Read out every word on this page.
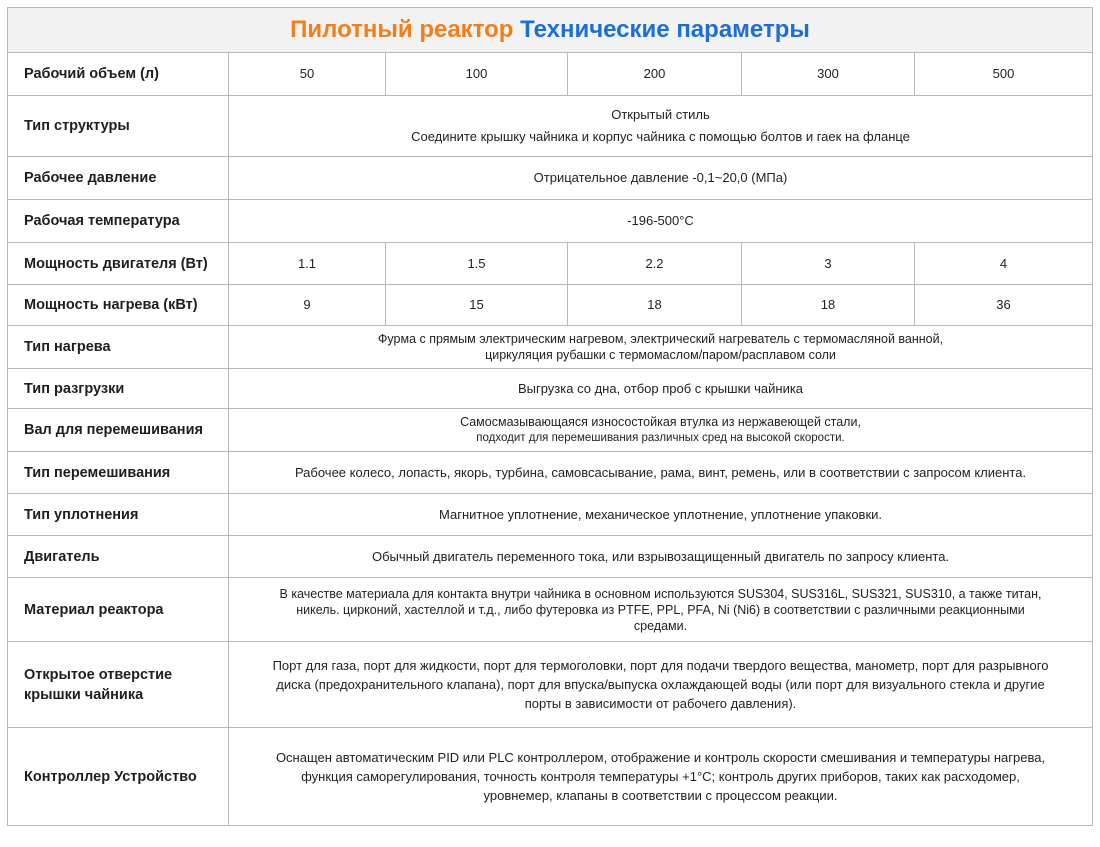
Пилотный реактор Технические параметры					
Рабочий объем (л)	50	100	200	300	500
Тип структуры	Открытый стиль
Соедините крышку чайника и корпус чайника с помощью болтов и гаек на фланце				

Рабочее давление	Отрицательное давление -0,1~20,0 (МПа)				
Рабочая температура	-196-500°C				
Мощность двигателя (Вт)	1.1	1.5	2.2	3	4
Мощность нагрева (кВт)	9	15	18	18	36
Тип нагрева	Фурма с прямым электрическим нагревом, электрический нагреватель с термомасляной ванной,
циркуляция рубашки с термомаслом/паром/расплавом соли				

Тип разгрузки	Выгрузка со дна, отбор проб с крышки чайника				
Вал для перемешивания	Самосмазывающаяся износостойкая втулка из нержавеющей стали,
подходит для перемешивания различных сред на высокой скорости.				

Тип перемешивания	Рабочее колесо, лопасть, якорь, турбина, самовсасывание, рама, винт, ремень, или в соответствии с запросом клиента.				
Тип уплотнения	Магнитное уплотнение, механическое уплотнение, уплотнение упаковки.				
Двигатель	Обычный двигатель переменного тока, или взрывозащищенный двигатель по запросу клиента.				
Материал реактора	В качестве материала для контакта внутри чайника в основном используются SUS304, SUS316L, SUS321, SUS310, а также титан,
никель. цирконий, хастеллой и т.д., либо футеровка из PTFE, PPL, PFA, Ni (Ni6) в соответствии с различными реакционными
средами.				

Открытое отверстие крышки чайника	Порт для газа, порт для жидкости, порт для термоголовки, порт для подачи твердого вещества, манометр, порт для разрывного
диска (предохранительного клапана), порт для впуска/выпуска охлаждающей воды (или порт для визуального стекла и другие
порты в зависимости от рабочего давления).				

Контроллер Устройство	Оснащен автоматическим PID или PLC контроллером, отображение и контроль скорости смешивания и температуры нагрева,
функция саморегулирования, точность контроля температуры +1°C; контроль других приборов, таких как расходомер,
уровнемер, клапаны в соответствии с процессом реакции.				
